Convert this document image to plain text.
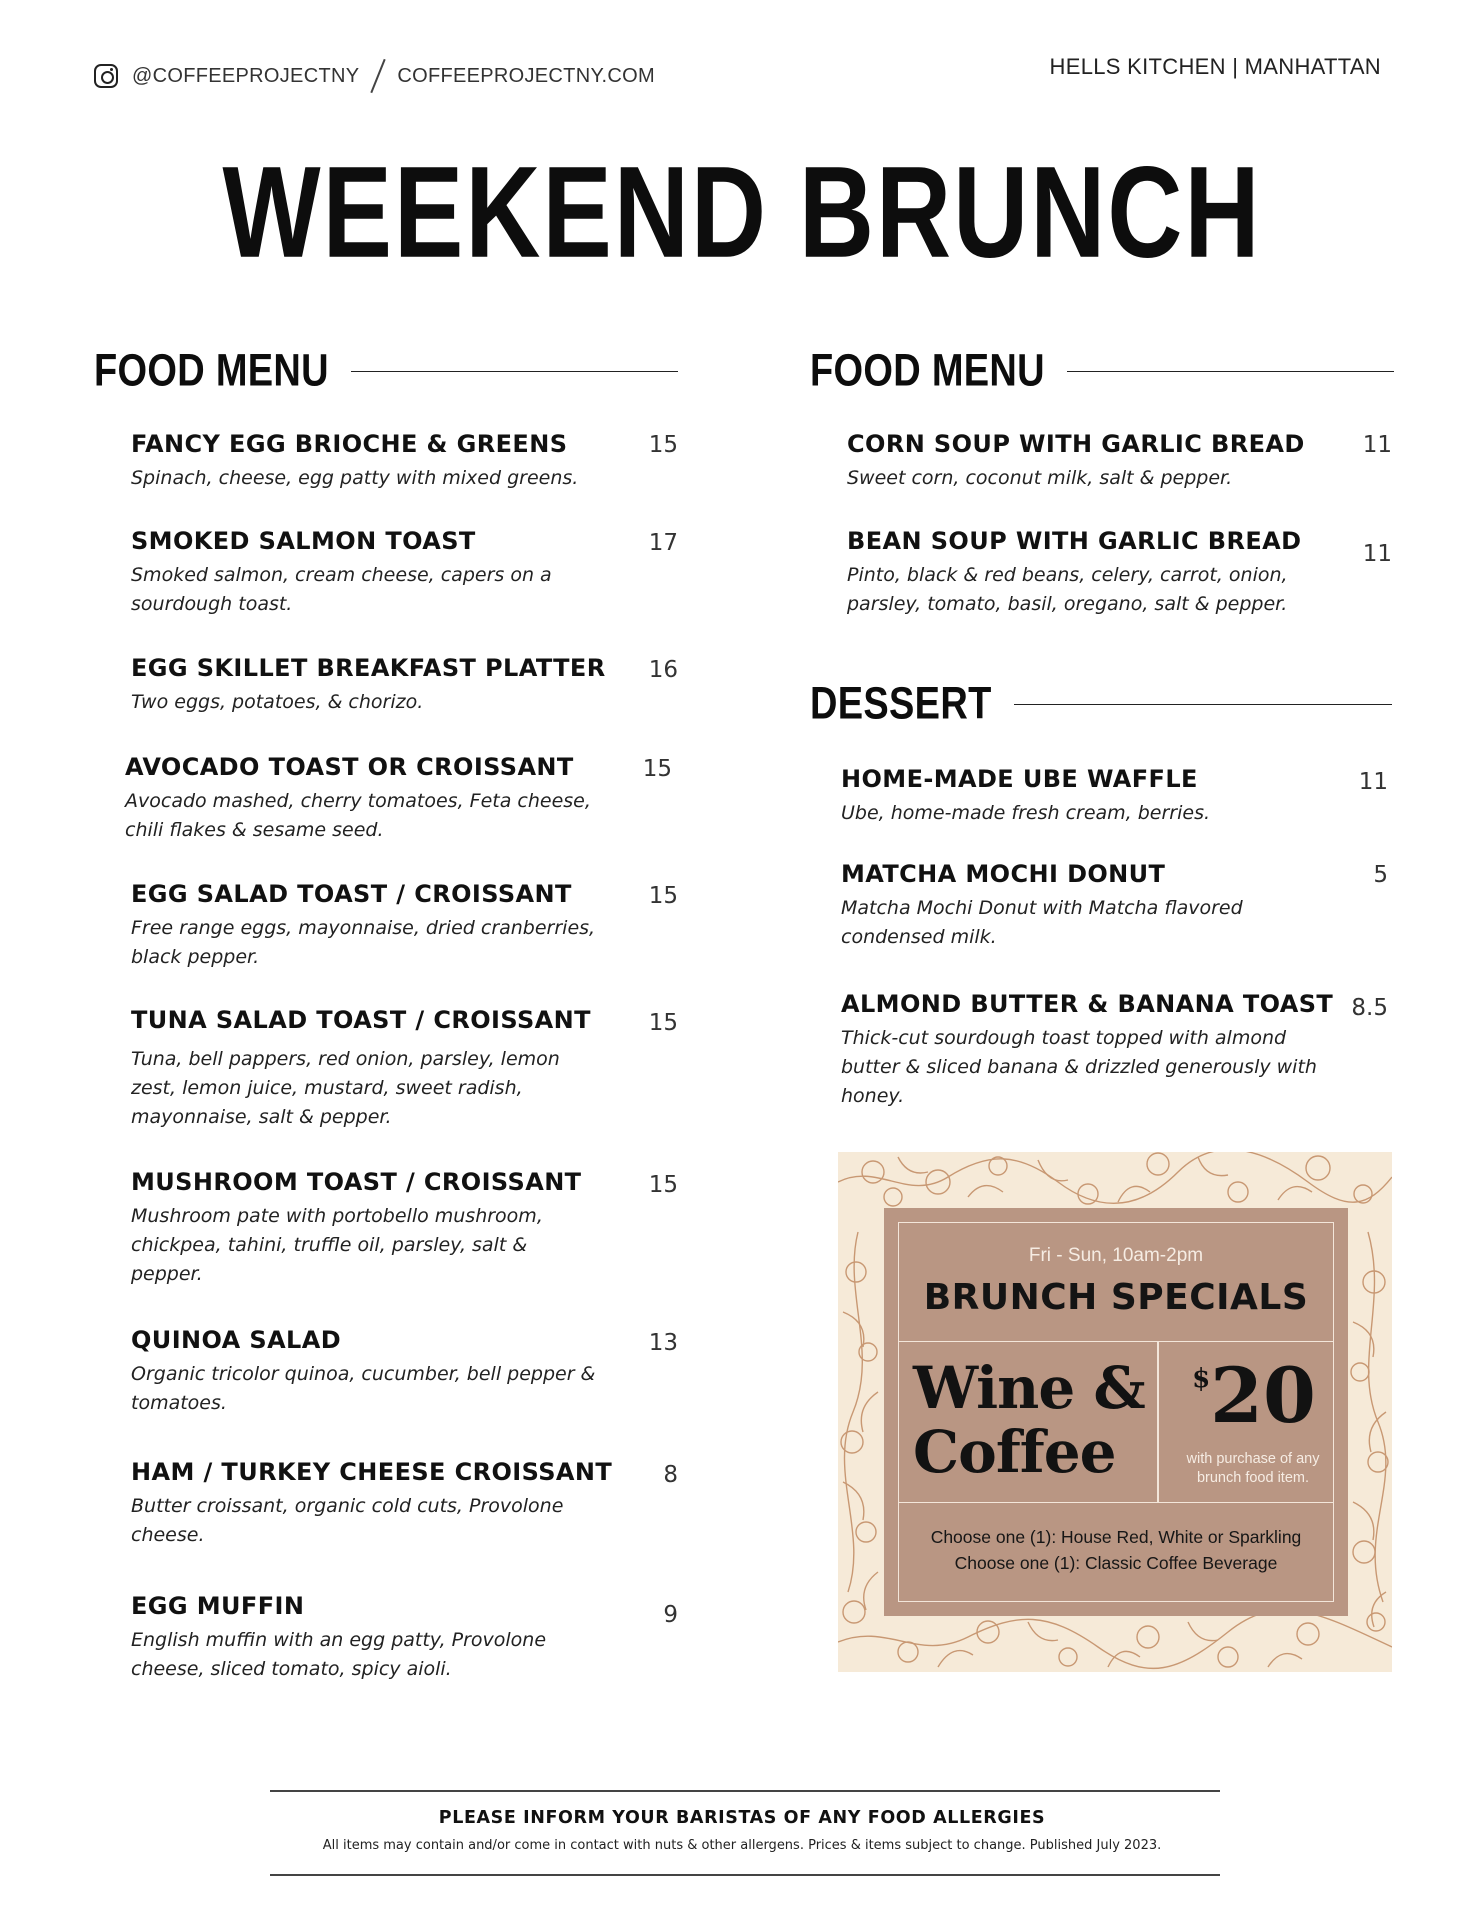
@COFFEEPROJECTNY COFFEEPROJECTNY.COM	HELLS KITCHEN | MANHATTAN
WEEKEND BRUNCH
FOOD MENU
FANCY EGG BRIOCHE & GREENS
Spinach, cheese, egg patty with mixed greens.
15
SMOKED SALMON TOAST
Smoked salmon, cream cheese, capers on a sourdough toast.
17
EGG SKILLET BREAKFAST PLATTER
Two eggs, potatoes, & chorizo.
16
AVOCADO TOAST OR CROISSANT
Avocado mashed, cherry tomatoes, Feta cheese, chili flakes & sesame seed.
15
EGG SALAD TOAST / CROISSANT
Free range eggs, mayonnaise, dried cranberries, black pepper.
15
TUNA SALAD TOAST / CROISSANT
Tuna, bell pappers, red onion, parsley, lemon zest, lemon juice, mustard, sweet radish, mayonnaise, salt & pepper.
15
MUSHROOM TOAST / CROISSANT
Mushroom pate with portobello mushroom, chickpea, tahini, truffle oil, parsley, salt & pepper.
15
QUINOA SALAD
Organic tricolor quinoa, cucumber, bell pepper & tomatoes.
13
HAM / TURKEY CHEESE CROISSANT
Butter croissant, organic cold cuts, Provolone cheese.
8
EGG MUFFIN
English muffin with an egg patty, Provolone cheese, sliced tomato, spicy aioli.
9
FOOD MENU
CORN SOUP WITH GARLIC BREAD
Sweet corn, coconut milk, salt & pepper.
11
BEAN SOUP WITH GARLIC BREAD
Pinto, black & red beans, celery, carrot, onion, parsley, tomato, basil, oregano, salt & pepper.
11
DESSERT
HOME-MADE UBE WAFFLE
Ube, home-made fresh cream, berries.
11
MATCHA MOCHI DONUT
Matcha Mochi Donut with Matcha flavored condensed milk.
5
ALMOND BUTTER & BANANA TOAST
Thick-cut sourdough toast topped with almond butter & sliced banana & drizzled generously with honey.
8.5
Fri - Sun, 10am-2pm
BRUNCH SPECIALS
Wine &
Coffee
$20
with purchase of any
brunch food item.
Choose one (1): House Red, White or Sparkling
Choose one (1): Classic Coffee Beverage
PLEASE INFORM YOUR BARISTAS OF ANY FOOD ALLERGIES
All items may contain and/or come in contact with nuts & other allergens. Prices & items subject to change. Published July 2023.
